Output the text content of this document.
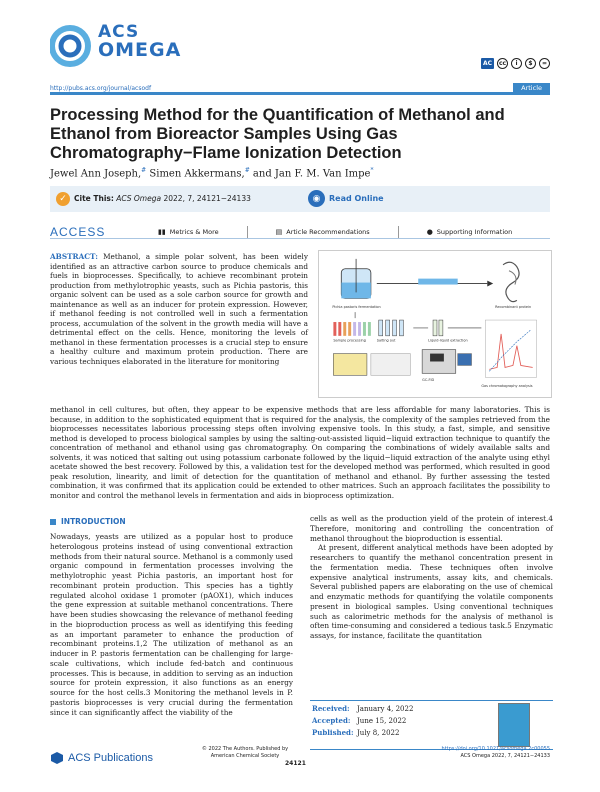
ACS
OMEGA
AC	cc	i	$	=
http://pubs.acs.org/journal/acsodf	Article
Processing Method for the Quantification of Methanol and Ethanol from Bioreactor Samples Using Gas Chromatography−Flame Ionization Detection
Jewel Ann Joseph,# Simen Akkermans,# and Jan F. M. Van Impe*
✓ Cite This: ACS Omega 2022, 7, 24121−24133	◉	Read Online
ACCESS	▮▮ Metrics & More	▤ Article Recommendations	● Supporting Information

ABSTRACT: Methanol, a simple polar solvent, has been widely identified as an attractive carbon source to produce chemicals and fuels in bioprocesses. Specifically, to achieve recombinant protein production from methylotrophic yeasts, such as Pichia pastoris, this organic solvent can be used as a sole carbon source for growth and maintenance as well as an inducer for protein expression. However, if methanol feeding is not controlled well in such a fermentation process, accumulation of the solvent in the growth media will have a detrimental effect on the cells. Hence, monitoring the levels of methanol in these fermentation processes is a crucial step to ensure a healthy culture and maximum protein production. There are various techniques elaborated in the literature for monitoring

Pichia pastoris fermentation	Recombinant protein
Sample processing	Salting out	Liquid-liquid extraction
GC-FID
Gas chromatography analysis

methanol in cell cultures, but often, they appear to be expensive methods that are less affordable for many laboratories. This is because, in addition to the sophisticated equipment that is required for the analysis, the complexity of the samples retrieved from the bioprocesses necessitates laborious processing steps often involving expensive tools. In this study, a fast, simple, and sensitive method is developed to process biological samples by using the salting-out-assisted liquid−liquid extraction technique to quantify the concentration of methanol and ethanol using gas chromatography. On comparing the combinations of widely available salts and solvents, it was noticed that salting out using potassium carbonate followed by the liquid−liquid extraction of the analyte using ethyl acetate showed the best recovery. Followed by this, a validation test for the developed method was performed, which resulted in good peak resolution, linearity, and limit of detection for the quantitation of methanol and ethanol. By further assessing the tested combination, it was confirmed that its application could be extended to other matrices. Such an approach facilitates the possibility to monitor and control the methanol levels in fermentation and aids in bioprocess optimization.

INTRODUCTION

Nowadays, yeasts are utilized as a popular host to produce heterologous proteins instead of using conventional extraction methods from their natural source. Methanol is a commonly used organic compound in fermentation processes involving the methylotrophic yeast Pichia pastoris, an important host for recombinant protein production. This species has a tightly regulated alcohol oxidase 1 promoter (pAOX1), which induces the gene expression at suitable methanol concentrations. There have been studies showcasing the relevance of methanol feeding in the bioproduction process as well as identifying this feeding as an important parameter to enhance the production of recombinant proteins.1,2 The utilization of methanol as an inducer in P. pastoris fermentation can be challenging for large-scale cultivations, which include fed-batch and continuous processes. This is because, in addition to serving as an induction source for protein expression, it also functions as an energy source for the host cells.3 Monitoring the methanol levels in P. pastoris bioprocesses is very crucial during the fermentation since it can significantly affect the viability of the

cells as well as the production yield of the protein of interest.4 Therefore, monitoring and controlling the concentration of methanol throughout the bioproduction is essential.

At present, different analytical methods have been adopted by researchers to quantify the methanol concentration present in the fermentation media. These techniques often involve expensive analytical instruments, assay kits, and chemicals. Several published papers are elaborating on the use of chemical and enzymatic methods for quantifying the volatile components present in biological samples. Using conventional techniques such as calorimetric methods for the analysis of methanol is often time-consuming and considered a tedious task.5 Enzymatic assays, for instance, facilitate the quantitation

Received: January 4, 2022
Accepted: June 15, 2022
Published: July 8, 2022
ACS Publications
© 2022 The Authors. Published by American Chemical Society
24121
https://doi.org/10.1021/acsomega.2c00055
ACS Omega 2022, 7, 24121−24133
